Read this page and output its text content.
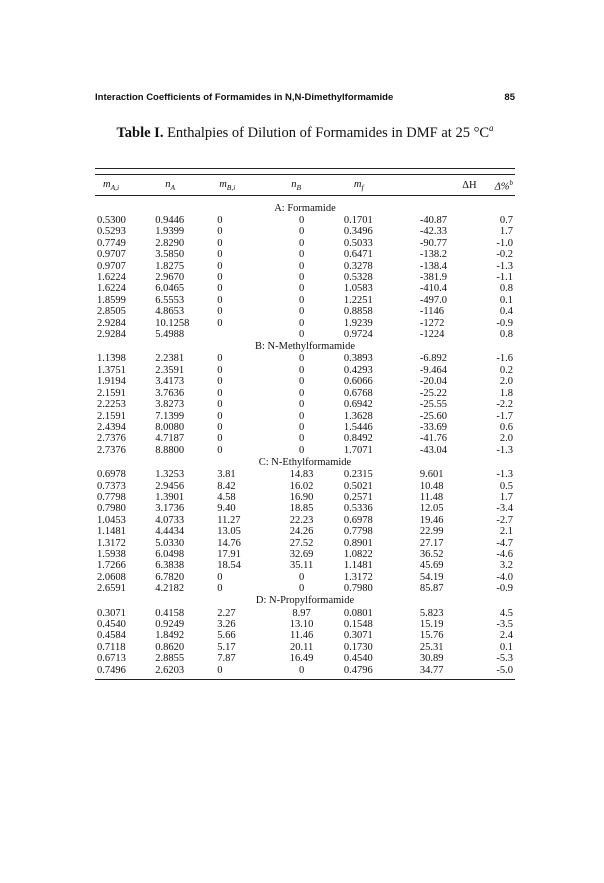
Interaction Coefficients of Formamides in N,N-Dimethylformamide	85
Table I. Enthalpies of Dilution of Formamides in DMF at 25 $^\circ C^a$
$m_{A,i}$	$n_A$	$m_{B,i}$	$n_B$	$m_f$	ΔH	Δ%$^b$

A: Formamide						
0.5300	0.9446	0	0	0.1701	-40.87	0.7
0.5293	1.9399	0	0	0.3496	-42.33	1.7
0.7749	2.8290	0	0	0.5033	-90.77	-1.0
0.9707	3.5850	0	0	0.6471	-138.2	-0.2
0.9707	1.8275	0	0	0.3278	-138.4	-1.3
1.6224	2.9670	0	0	0.5328	-381.9	-1.1
1.6224	6.0465	0	0	1.0583	-410.4	0.8
1.8599	6.5553	0	0	1.2251	-497.0	0.1
2.8505	4.8653	0	0	0.8858	-1146	0.4
2.9284	10.1258	0	0	1.9239	-1272	-0.9
2.9284	5.4988		0	0.9724	-1224	0.8
B: N-Methylformamide						
1.1398	2.2381	0	0	0.3893	-6.892	-1.6
1.3751	2.3591	0	0	0.4293	-9.464	0.2
1.9194	3.4173	0	0	0.6066	-20.04	2.0
2.1591	3.7636	0	0	0.6768	-25.22	1.8
2.2253	3.8273	0	0	0.6942	-25.55	-2.2
2.1591	7.1399	0	0	1.3628	-25.60	-1.7
2.4394	8.0080	0	0	1.5446	-33.69	0.6
2.7376	4.7187	0	0	0.8492	-41.76	2.0
2.7376	8.8800	0	0	1.7071	-43.04	-1.3
C: N-Ethylformamide						
0.6978	1.3253	3.81	14.83	0.2315	9.601	-1.3
0.7373	2.9456	8.42	16.02	0.5021	10.48	0.5
0.7798	1.3901	4.58	16.90	0.2571	11.48	1.7
0.7980	3.1736	9.40	18.85	0.5336	12.05	-3.4
1.0453	4.0733	11.27	22.23	0.6978	19.46	-2.7
1.1481	4.4434	13.05	24.26	0.7798	22.99	2.1
1.3172	5.0330	14.76	27.52	0.8901	27.17	-4.7
1.5938	6.0498	17.91	32.69	1.0822	36.52	-4.6
1.7266	6.3838	18.54	35.11	1.1481	45.69	3.2
2.0608	6.7820	0	0	1.3172	54.19	-4.0
2.6591	4.2182	0	0	0.7980	85.87	-0.9
D: N-Propylformamide						
0.3071	0.4158	2.27	8.97	0.0801	5.823	4.5
0.4540	0.9249	3.26	13.10	0.1548	15.19	-3.5
0.4584	1.8492	5.66	11.46	0.3071	15.76	2.4
0.7118	0.8620	5.17	20.11	0.1730	25.31	0.1
0.6713	2.8855	7.87	16.49	0.4540	30.89	-5.3
0.7496	2.6203	0	0	0.4796	34.77	-5.0
